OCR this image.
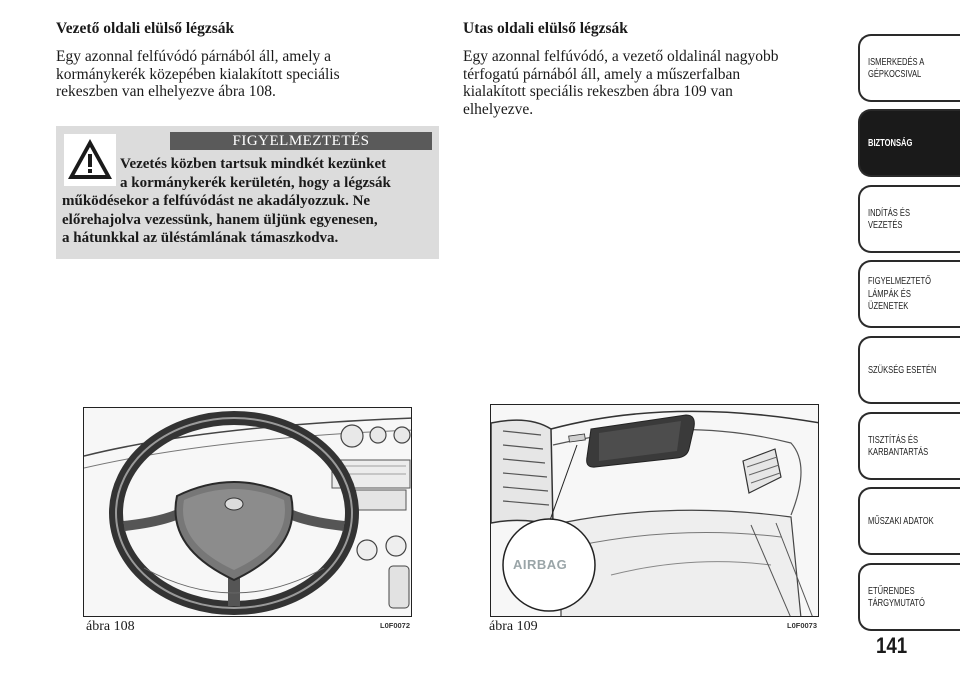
Vezető oldali elülső légzsák
Egy azonnal felfúvódó párnából áll, amely a
kormánykerék közepében kialakított speciális
rekeszben van elhelyezve ábra 108.
FIGYELMEZTETÉS
Vezetés közben tartsuk mindkét kezünket
a kormánykerék kerületén, hogy a légzsák
működésekor a felfúvódást ne akadályozzuk. Ne
előrehajolva vezessünk, hanem üljünk egyenesen,
a hátunkkal az üléstámlának támaszkodva.
Utas oldali elülső légzsák
Egy azonnal felfúvódó, a vezető oldalinál nagyobb
térfogatú párnából áll, amely a műszerfalban
kialakított speciális rekeszben ábra 109 van
elhelyezve.
ábra 108	L0F0072
AIRBAG
ábra 109	L0F0073
ISMERKEDÉS A
GÉPKOCSIVAL
BIZTONSÁG
INDÍTÁS ÉS
VEZETÉS
FIGYELMEZTETŐ
LÁMPÁK ÉS
ÜZENETEK
SZÜKSÉG ESETÉN
TISZTÍTÁS ÉS
KARBANTARTÁS
MŰSZAKI ADATOK
ETŰRENDES
TÁRGYMUTATÓ
141
